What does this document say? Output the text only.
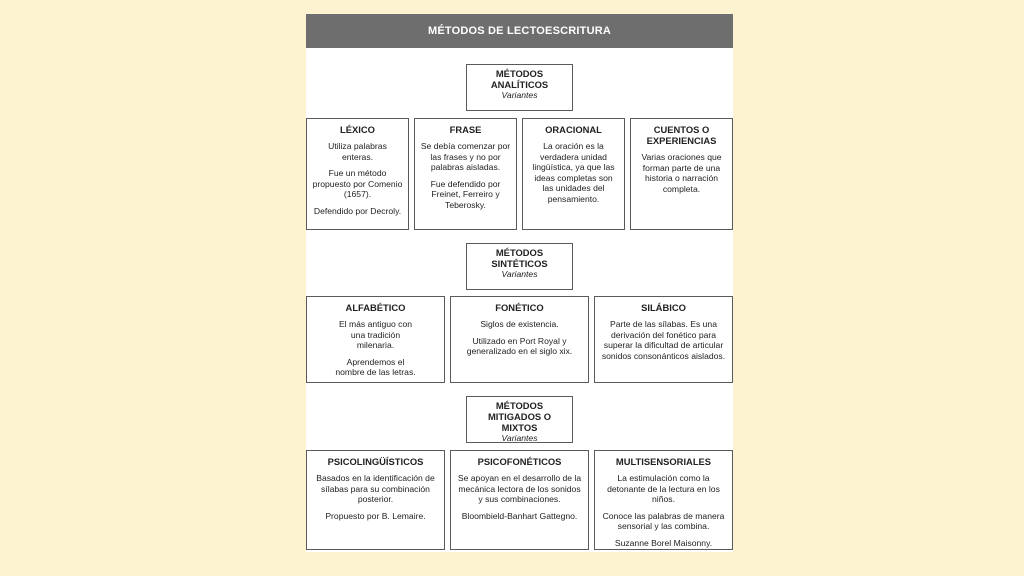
MÉTODOS DE LECTOESCRITURA
MÉTODOS
ANALÍTICOS
Variantes
LÉXICO

Utiliza palabras enteras.

Fue un método propuesto por Comenio (1657).

Defendido por Decroly.

FRASE

Se debía comenzar por las frases y no por palabras aisladas.

Fue defendido por Freinet, Ferreiro y Teberosky.

ORACIONAL

La oración es la verdadera unidad lingüística, ya que las ideas completas son las unidades del pensamiento.

CUENTOS O EXPERIENCIAS

Varias oraciones que forman parte de una historia o narración completa.

MÉTODOS
SINTÉTICOS
Variantes
ALFABÉTICO

El más antiguo con una tradición milenaria.

Aprendemos el nombre de las letras.

FONÉTICO

Siglos de existencia.

Utilizado en Port Royal y generalizado en el siglo xix.

SILÁBICO

Parte de las sílabas. Es una derivación del fonético para superar la dificultad de articular sonidos consonánticos aislados.

MÉTODOS
MITIGADOS O MIXTOS
Variantes
PSICOLINGÜÍSTICOS

Basados en la identificación de sílabas para su combinación posterior.

Propuesto por B. Lemaire.

PSICOFONÉTICOS

Se apoyan en el desarrollo de la mecánica lectora de los sonidos y sus combinaciones.

Bloombield-Banhart Gattegno.

MULTISENSORIALES

La estimulación como la detonante de la lectura en los niños.

Conoce las palabras de manera sensorial y las combina.

Suzanne Borel Maisonny.
